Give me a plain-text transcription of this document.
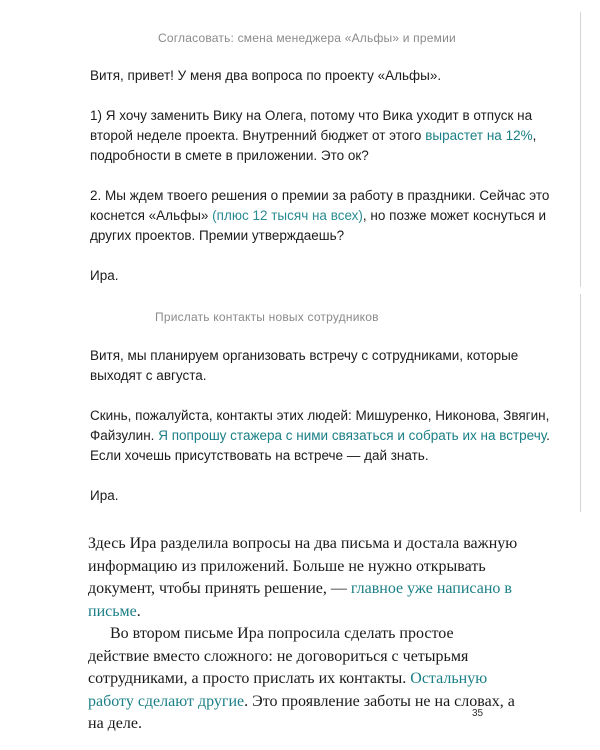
Согласовать: смена менеджера «Альфы» и премии

Витя, привет! У меня два вопроса по проекту «Альфы».

1) Я хочу заменить Вику на Олега, потому что Вика уходит в отпуск на второй неделе проекта. Внутренний бюджет от этого вырастет на 12%, подробности в смете в приложении. Это ок?

2. Мы ждем твоего решения о премии за работу в праздники. Сейчас это коснется «Альфы» (плюс 12 тысяч на всех), но позже может коснуться и других проектов. Премии утверждаешь?

Ира.

Прислать контакты новых сотрудников

Витя, мы планируем организовать встречу с сотрудниками, которые выходят с августа.

Скинь, пожалуйста, контакты этих людей: Мишуренко, Никонова, Звягин, Файзулин. Я попрошу стажера с ними связаться и собрать их на встречу. Если хочешь присутствовать на встрече — дай знать.

Ира.

Здесь Ира разделила вопросы на два письма и достала важную информацию из приложений. Больше не нужно открывать документ, чтобы принять решение, — главное уже написано в письме.

Во втором письме Ира попросила сделать простое действие вместо сложного: не договориться с четырьмя сотрудниками, а просто прислать их контакты. Остальную работу сделают другие. Это проявление заботы не на словах, а на деле.

35
